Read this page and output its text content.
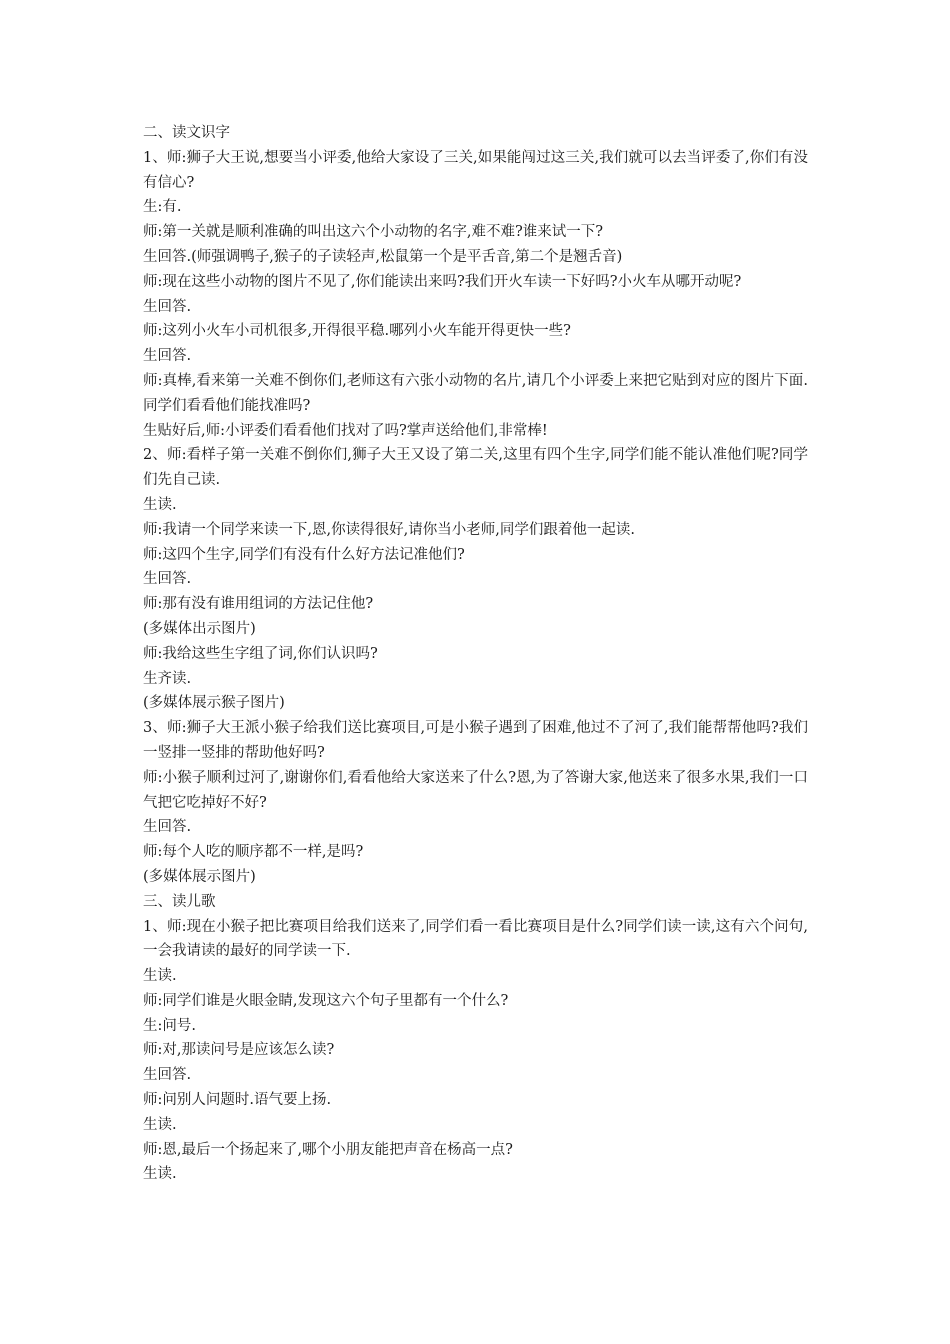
二、读文识字

1、师:狮子大王说,想要当小评委,他给大家设了三关,如果能闯过这三关,我们就可以去当评委了,你们有没有信心?

生:有.

师:第一关就是顺利准确的叫出这六个小动物的名字,难不难?谁来试一下?

生回答.(师强调鸭子,猴子的子读轻声,松鼠第一个是平舌音,第二个是翘舌音)

师:现在这些小动物的图片不见了,你们能读出来吗?我们开火车读一下好吗?小火车从哪开动呢?

生回答.

师:这列小火车小司机很多,开得很平稳.哪列小火车能开得更快一些?

生回答.

师:真棒,看来第一关难不倒你们,老师这有六张小动物的名片,请几个小评委上来把它贴到对应的图片下面.同学们看看他们能找准吗?

生贴好后,师:小评委们看看他们找对了吗?掌声送给他们,非常棒!

2、师:看样子第一关难不倒你们,狮子大王又设了第二关,这里有四个生字,同学们能不能认准他们呢?同学们先自己读.

生读.

师:我请一个同学来读一下,恩,你读得很好,请你当小老师,同学们跟着他一起读.

师:这四个生字,同学们有没有什么好方法记准他们?

生回答.

师:那有没有谁用组词的方法记住他?

(多媒体出示图片)

师:我给这些生字组了词,你们认识吗?

生齐读.

(多媒体展示猴子图片)

3、师:狮子大王派小猴子给我们送比赛项目,可是小猴子遇到了困难,他过不了河了,我们能帮帮他吗?我们一竖排一竖排的帮助他好吗?

师:小猴子顺利过河了,谢谢你们,看看他给大家送来了什么?恩,为了答谢大家,他送来了很多水果,我们一口气把它吃掉好不好?

生回答.

师:每个人吃的顺序都不一样,是吗?

(多媒体展示图片)

三、读儿歌

1、师:现在小猴子把比赛项目给我们送来了,同学们看一看比赛项目是什么?同学们读一读,这有六个问句,一会我请读的最好的同学读一下.

生读.

师:同学们谁是火眼金睛,发现这六个句子里都有一个什么?

生:问号.

师:对,那读问号是应该怎么读?

生回答.

师:问别人问题时.语气要上扬.

生读.

师:恩,最后一个扬起来了,哪个小朋友能把声音在杨高一点?

生读.
